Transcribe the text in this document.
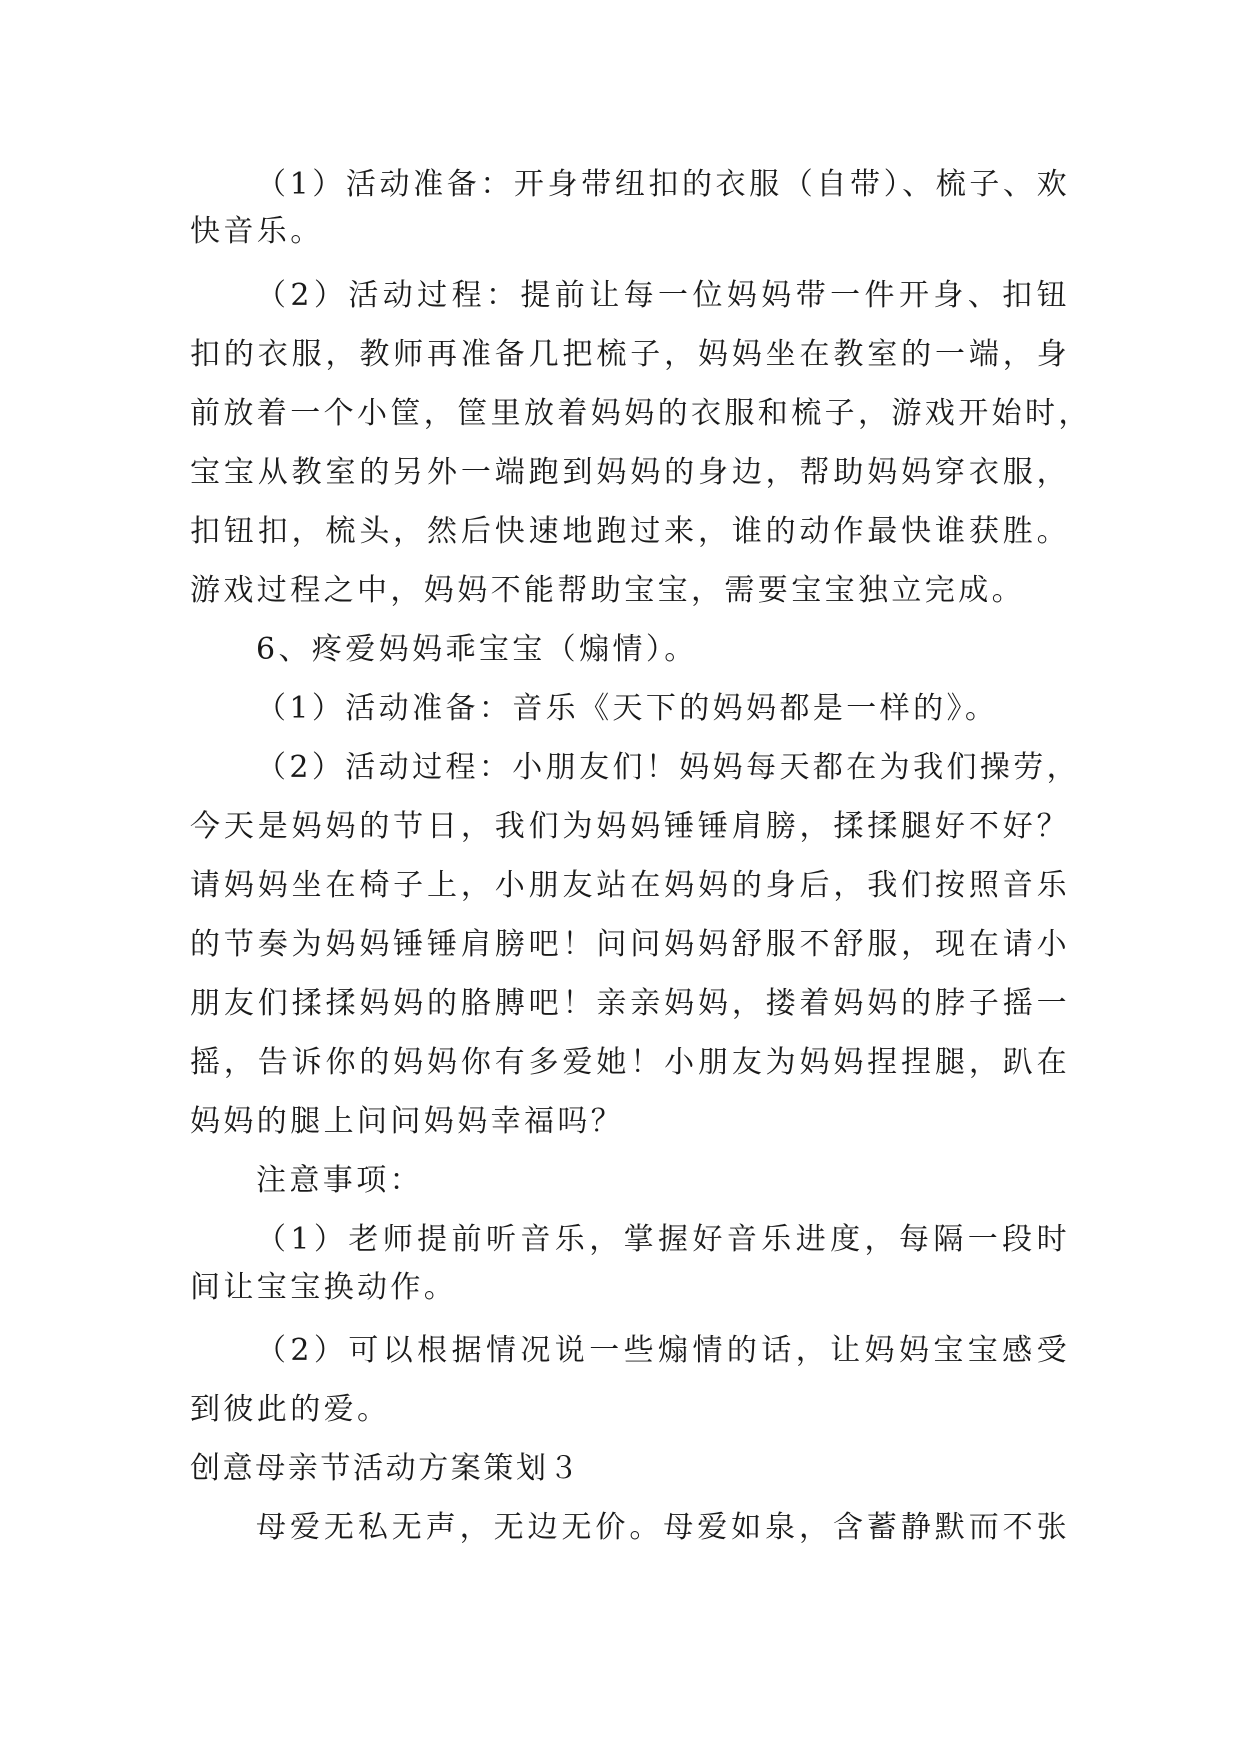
（1）活动准备：开身带纽扣的衣服（自带）、梳子、欢
快音乐。
（2）活动过程：提前让每一位妈妈带一件开身、扣钮
扣的衣服，教师再准备几把梳子，妈妈坐在教室的一端，身
前放着一个小筐，筐里放着妈妈的衣服和梳子，游戏开始时，
宝宝从教室的另外一端跑到妈妈的身边，帮助妈妈穿衣服，
扣钮扣，梳头，然后快速地跑过来，谁的动作最快谁获胜。
游戏过程之中，妈妈不能帮助宝宝，需要宝宝独立完成。
6、疼爱妈妈乖宝宝（煽情）。
（1）活动准备：音乐《天下的妈妈都是一样的》。
（2）活动过程：小朋友们！妈妈每天都在为我们操劳，
今天是妈妈的节日，我们为妈妈锤锤肩膀，揉揉腿好不好？
请妈妈坐在椅子上，小朋友站在妈妈的身后，我们按照音乐
的节奏为妈妈锤锤肩膀吧！问问妈妈舒服不舒服，现在请小
朋友们揉揉妈妈的胳膊吧！亲亲妈妈，搂着妈妈的脖子摇一
摇，告诉你的妈妈你有多爱她！小朋友为妈妈捏捏腿，趴在
妈妈的腿上问问妈妈幸福吗？
注意事项：
（1）老师提前听音乐，掌握好音乐进度，每隔一段时
间让宝宝换动作。
（2）可以根据情况说一些煽情的话，让妈妈宝宝感受
到彼此的爱。
创意母亲节活动方案策划３
母爱无私无声，无边无价。母爱如泉，含蓄静默而不张
